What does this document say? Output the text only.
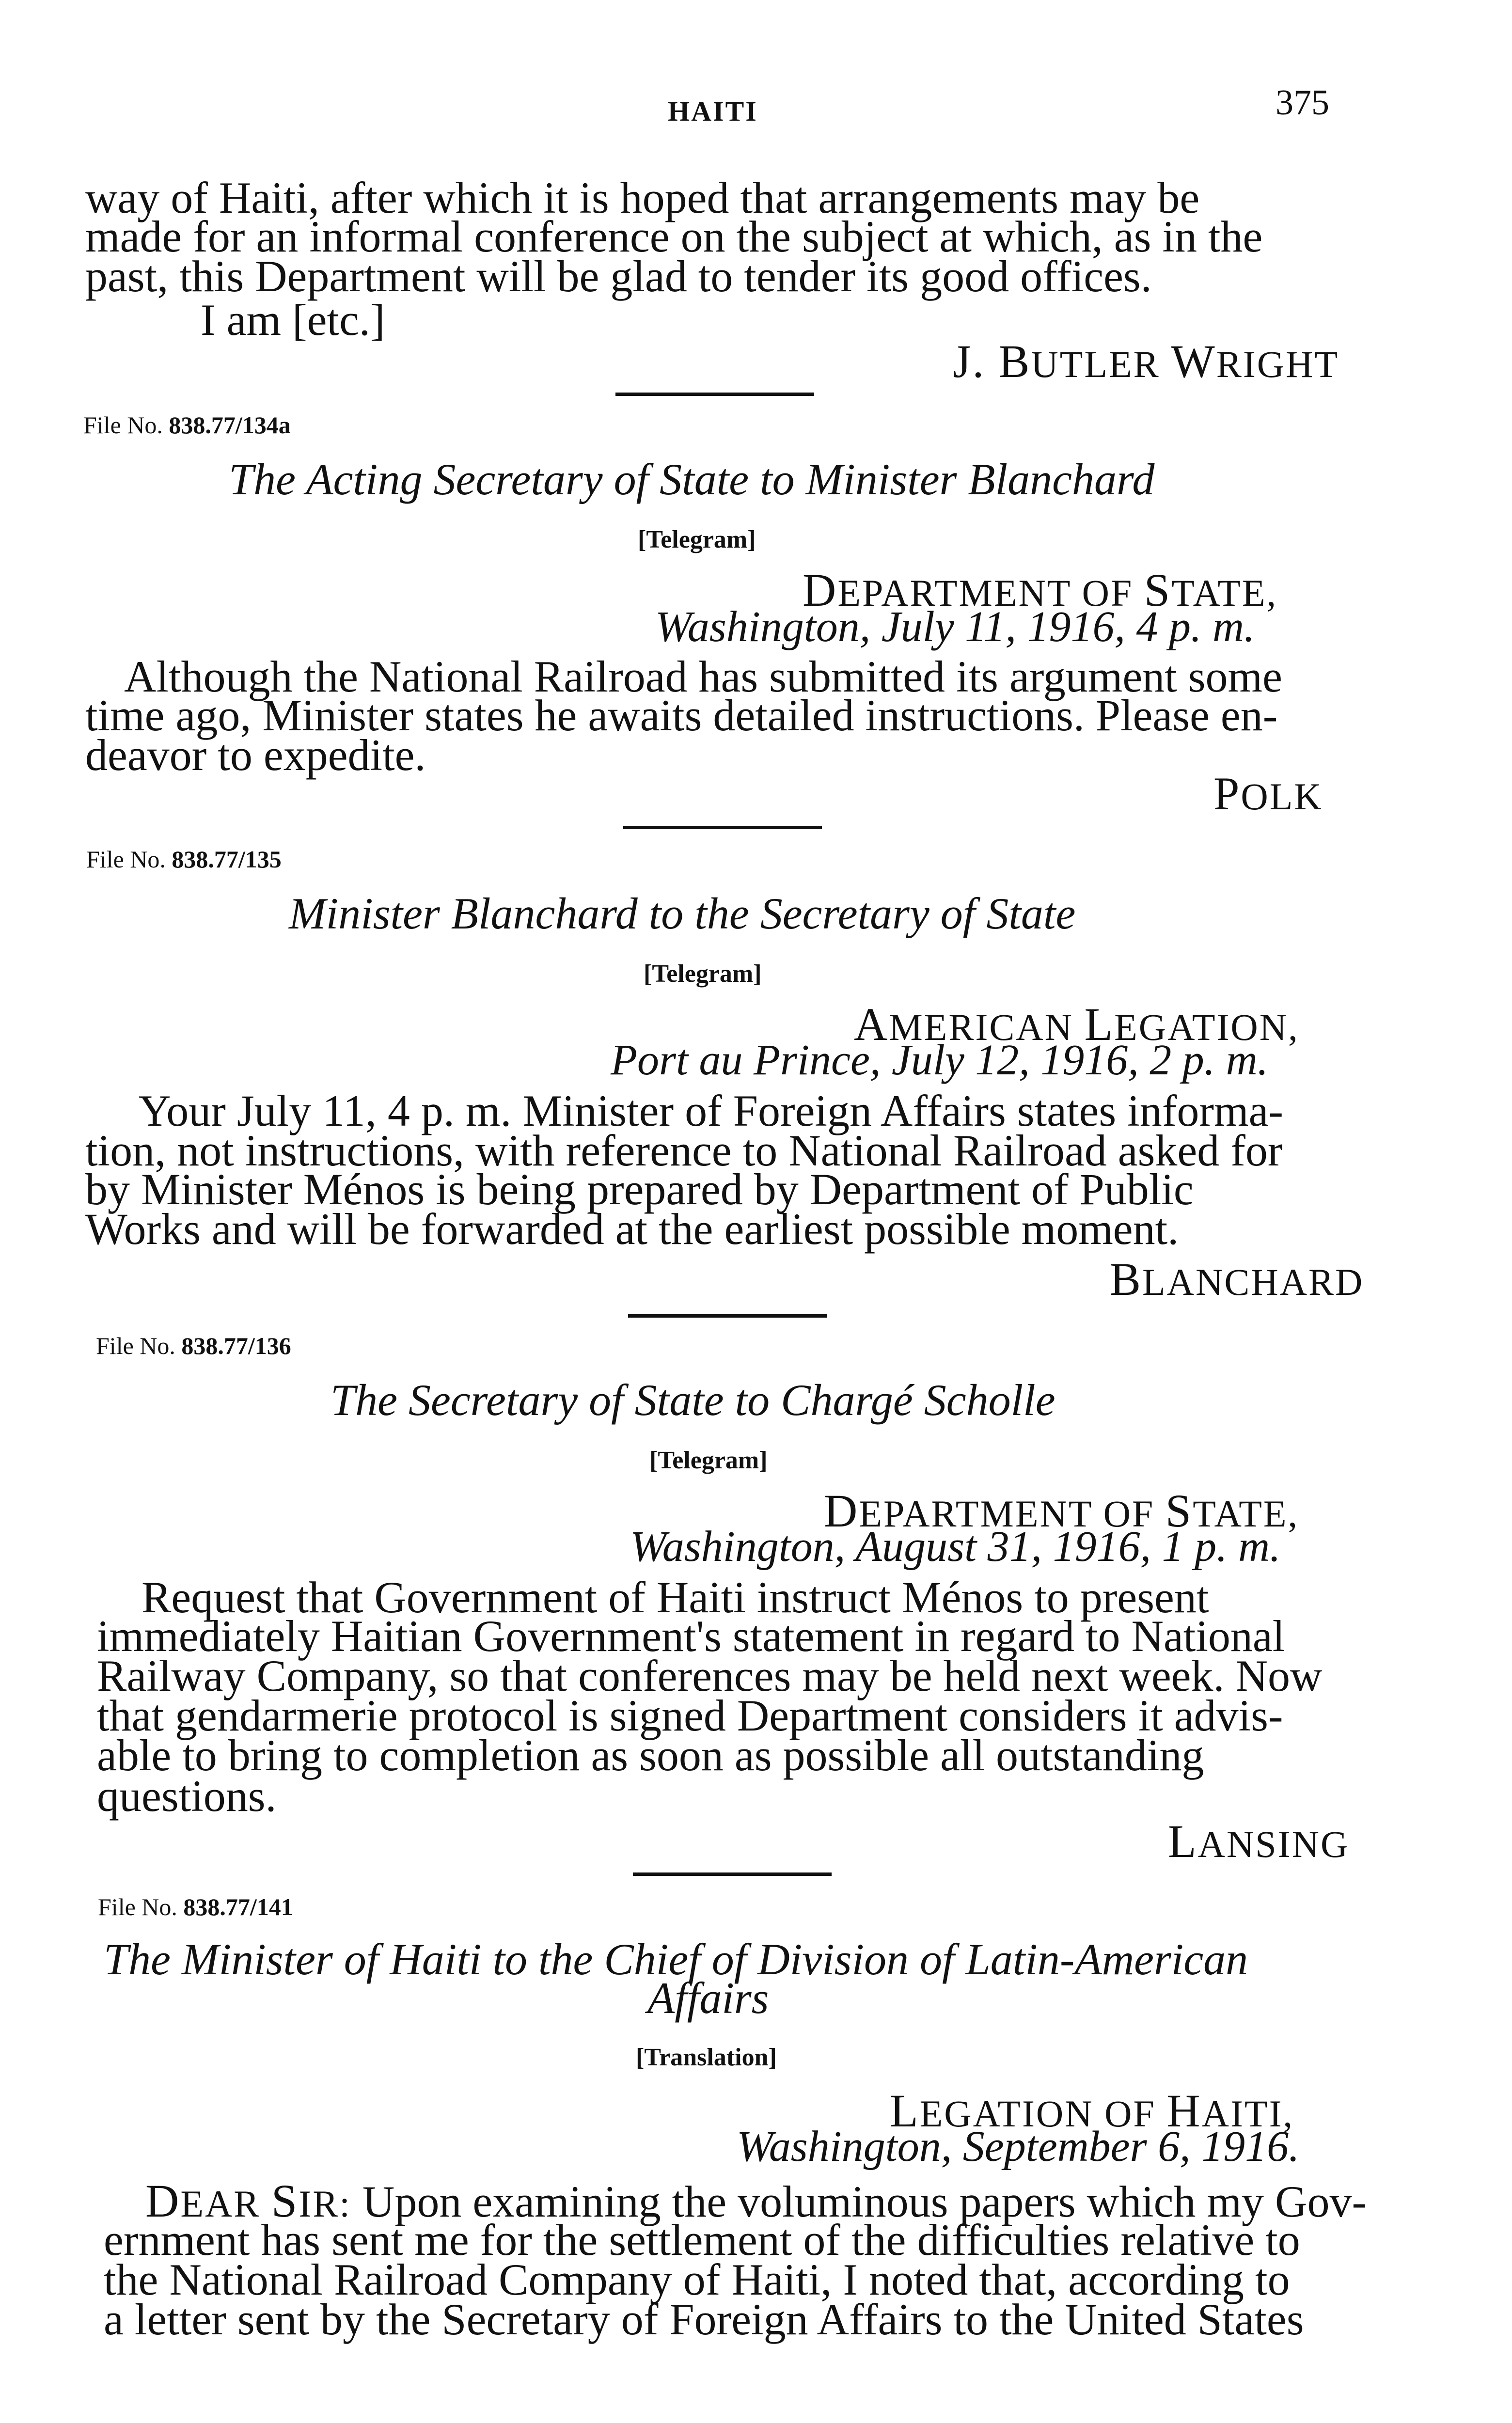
HAITI	375
way of Haiti, after which it is hoped that arrangements may be
made for an informal conference on the subject at which, as in the
past, this Department will be glad to tender its good offices.
I am [etc.]
J. BUTLER WRIGHT
File No. 838.77/134a
The Acting Secretary of State to Minister Blanchard
[Telegram]
DEPARTMENT OF STATE,
Washington, July 11, 1916, 4 p. m.
Although the National Railroad has submitted its argument some
time ago, Minister states he awaits detailed instructions. Please en-
deavor to expedite.
POLK
File No. 838.77/135
Minister Blanchard to the Secretary of State
[Telegram]
AMERICAN LEGATION,
Port au Prince, July 12, 1916, 2 p. m.
Your July 11, 4 p. m. Minister of Foreign Affairs states informa-
tion, not instructions, with reference to National Railroad asked for
by Minister Ménos is being prepared by Department of Public
Works and will be forwarded at the earliest possible moment.
BLANCHARD
File No. 838.77/136
The Secretary of State to Chargé Scholle
[Telegram]
DEPARTMENT OF STATE,
Washington, August 31, 1916, 1 p. m.
Request that Government of Haiti instruct Ménos to present
immediately Haitian Government's statement in regard to National
Railway Company, so that conferences may be held next week. Now
that gendarmerie protocol is signed Department considers it advis-
able to bring to completion as soon as possible all outstanding
questions.
LANSING
File No. 838.77/141
The Minister of Haiti to the Chief of Division of Latin-American
Affairs
[Translation]
LEGATION OF HAITI,
Washington, September 6, 1916.
DEAR SIR: Upon examining the voluminous papers which my Gov-
ernment has sent me for the settlement of the difficulties relative to
the National Railroad Company of Haiti, I noted that, according to
a letter sent by the Secretary of Foreign Affairs to the United States
